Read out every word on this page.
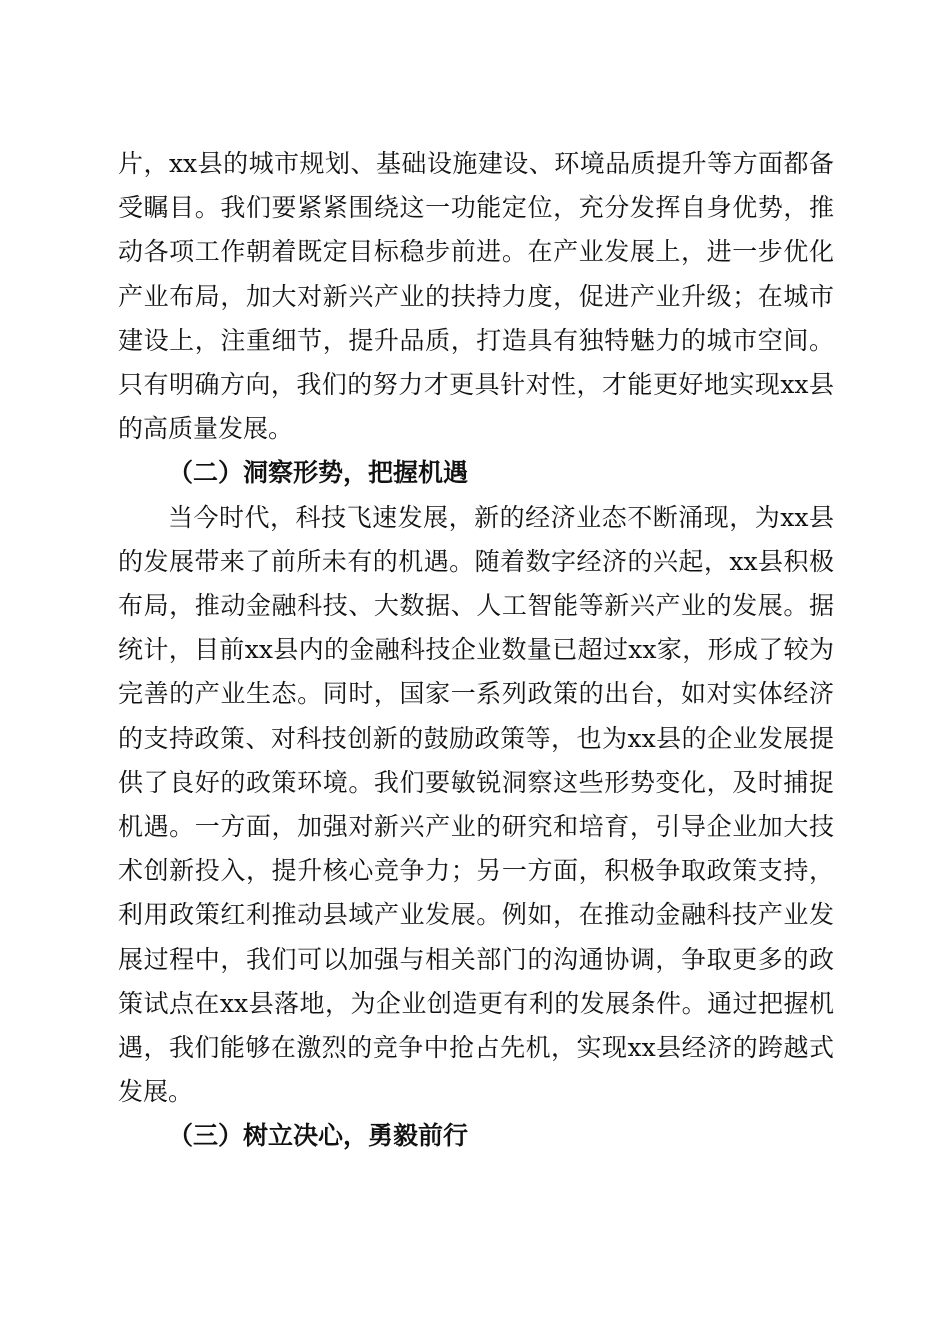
片，xx县的城市规划、基础设施建设、环境品质提升等方面都备受瞩目。我们要紧紧围绕这一功能定位，充分发挥自身优势，推动各项工作朝着既定目标稳步前进。在产业发展上，进一步优化产业布局，加大对新兴产业的扶持力度，促进产业升级；在城市建设上，注重细节，提升品质，打造具有独特魅力的城市空间。只有明确方向，我们的努力才更具针对性，才能更好地实现xx县的高质量发展。

（二）洞察形势，把握机遇

当今时代，科技飞速发展，新的经济业态不断涌现，为xx县的发展带来了前所未有的机遇。随着数字经济的兴起，xx县积极布局，推动金融科技、大数据、人工智能等新兴产业的发展。据统计，目前xx县内的金融科技企业数量已超过xx家，形成了较为完善的产业生态。同时，国家一系列政策的出台，如对实体经济的支持政策、对科技创新的鼓励政策等，也为xx县的企业发展提供了良好的政策环境。我们要敏锐洞察这些形势变化，及时捕捉机遇。一方面，加强对新兴产业的研究和培育，引导企业加大技术创新投入，提升核心竞争力；另一方面，积极争取政策支持，利用政策红利推动县域产业发展。例如，在推动金融科技产业发展过程中，我们可以加强与相关部门的沟通协调，争取更多的政策试点在xx县落地，为企业创造更有利的发展条件。通过把握机遇，我们能够在激烈的竞争中抢占先机，实现xx县经济的跨越式发展。

（三）树立决心，勇毅前行
